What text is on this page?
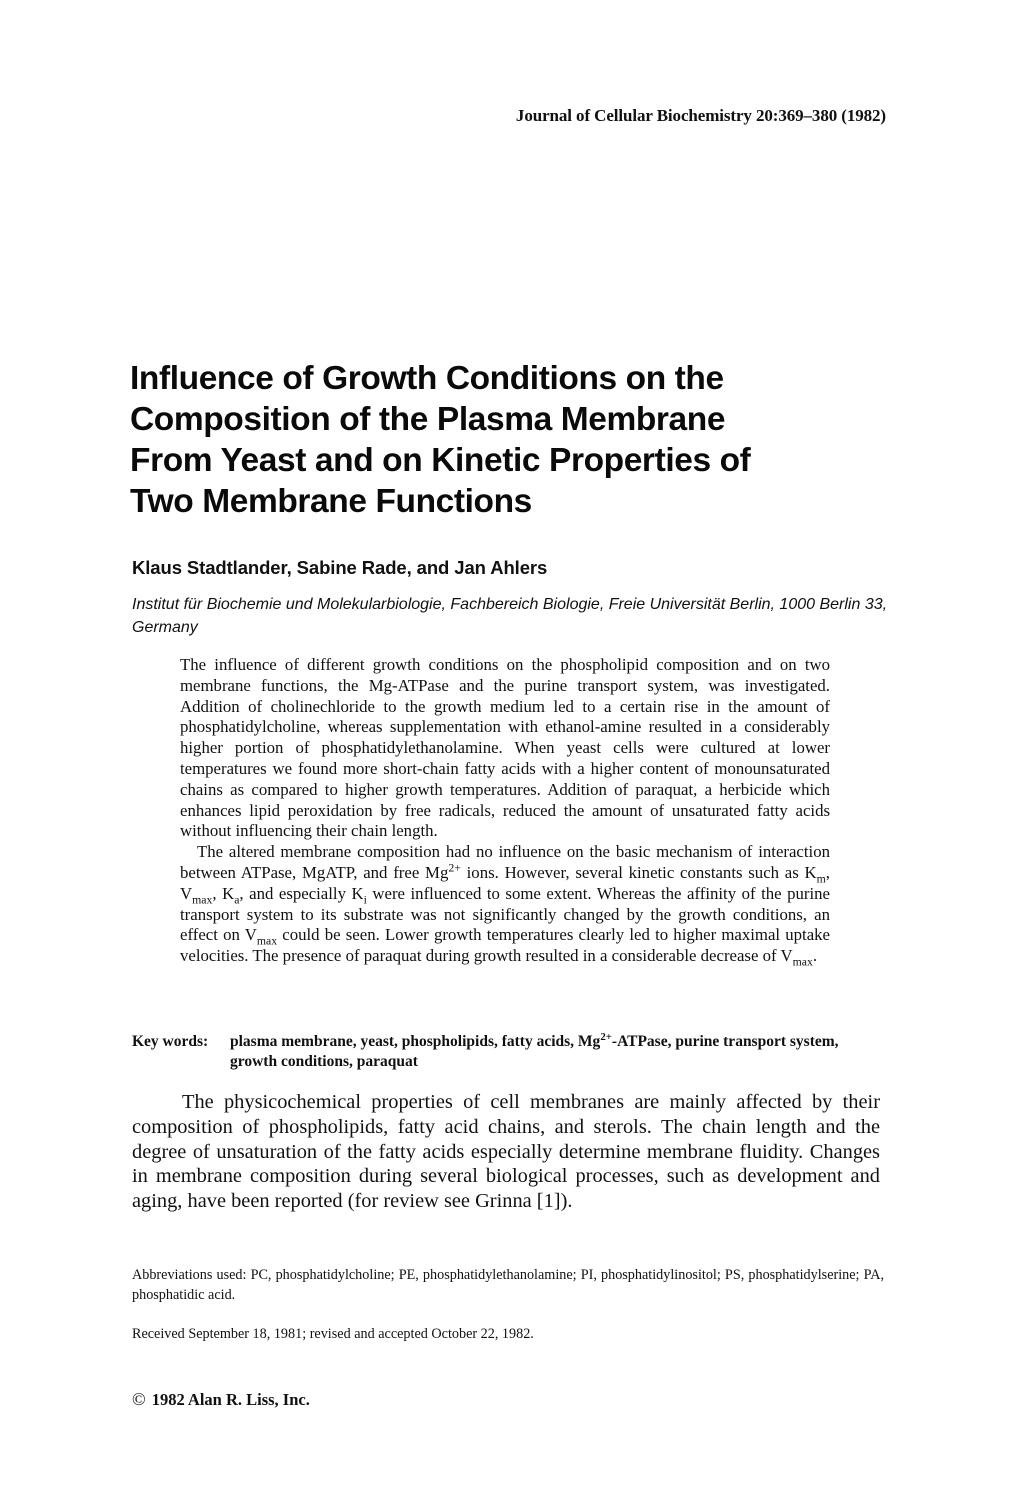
Journal of Cellular Biochemistry 20:369–380 (1982)
Influence of Growth Conditions on the
Composition of the Plasma Membrane
From Yeast and on Kinetic Properties of
Two Membrane Functions
Klaus Stadtlander, Sabine Rade, and Jan Ahlers
Institut für Biochemie und Molekularbiologie, Fachbereich Biologie, Freie Universität Berlin, 1000 Berlin 33, Germany

The influence of different growth conditions on the phospholipid composition and on two membrane functions, the Mg-ATPase and the purine transport system, was investigated. Addition of cholinechloride to the growth medium led to a certain rise in the amount of phosphatidylcholine, whereas supplementation with ethanol-amine resulted in a considerably higher portion of phosphatidylethanolamine. When yeast cells were cultured at lower temperatures we found more short-chain fatty acids with a higher content of monounsaturated chains as compared to higher growth temperatures. Addition of paraquat, a herbicide which enhances lipid peroxidation by free radicals, reduced the amount of unsaturated fatty acids without influencing their chain length.

The altered membrane composition had no influence on the basic mechanism of interaction between ATPase, MgATP, and free $Mg^{2+}$ ions. However, several kinetic constants such as $K_m$, $V_{max}$, $K_a$, and especially $K_i$ were influenced to some extent. Whereas the affinity of the purine transport system to its substrate was not significantly changed by the growth conditions, an effect on $V_{max}$ could be seen. Lower growth temperatures clearly led to higher maximal uptake velocities. The presence of paraquat during growth resulted in a considerable decrease of $V_{max}$.

Key words:	plasma membrane, yeast, phospholipids, fatty acids, $Mg^{2+}$-ATPase, purine transport system, growth conditions, paraquat

The physicochemical properties of cell membranes are mainly affected by their composition of phospholipids, fatty acid chains, and sterols. The chain length and the degree of unsaturation of the fatty acids especially determine membrane fluidity. Changes in membrane composition during several biological processes, such as development and aging, have been reported (for review see Grinna [1]).

Abbreviations used: PC, phosphatidylcholine; PE, phosphatidylethanolamine; PI, phosphatidylinositol; PS, phosphatidylserine; PA, phosphatidic acid.
Received September 18, 1981; revised and accepted October 22, 1982.
© 1982 Alan R. Liss, Inc.
